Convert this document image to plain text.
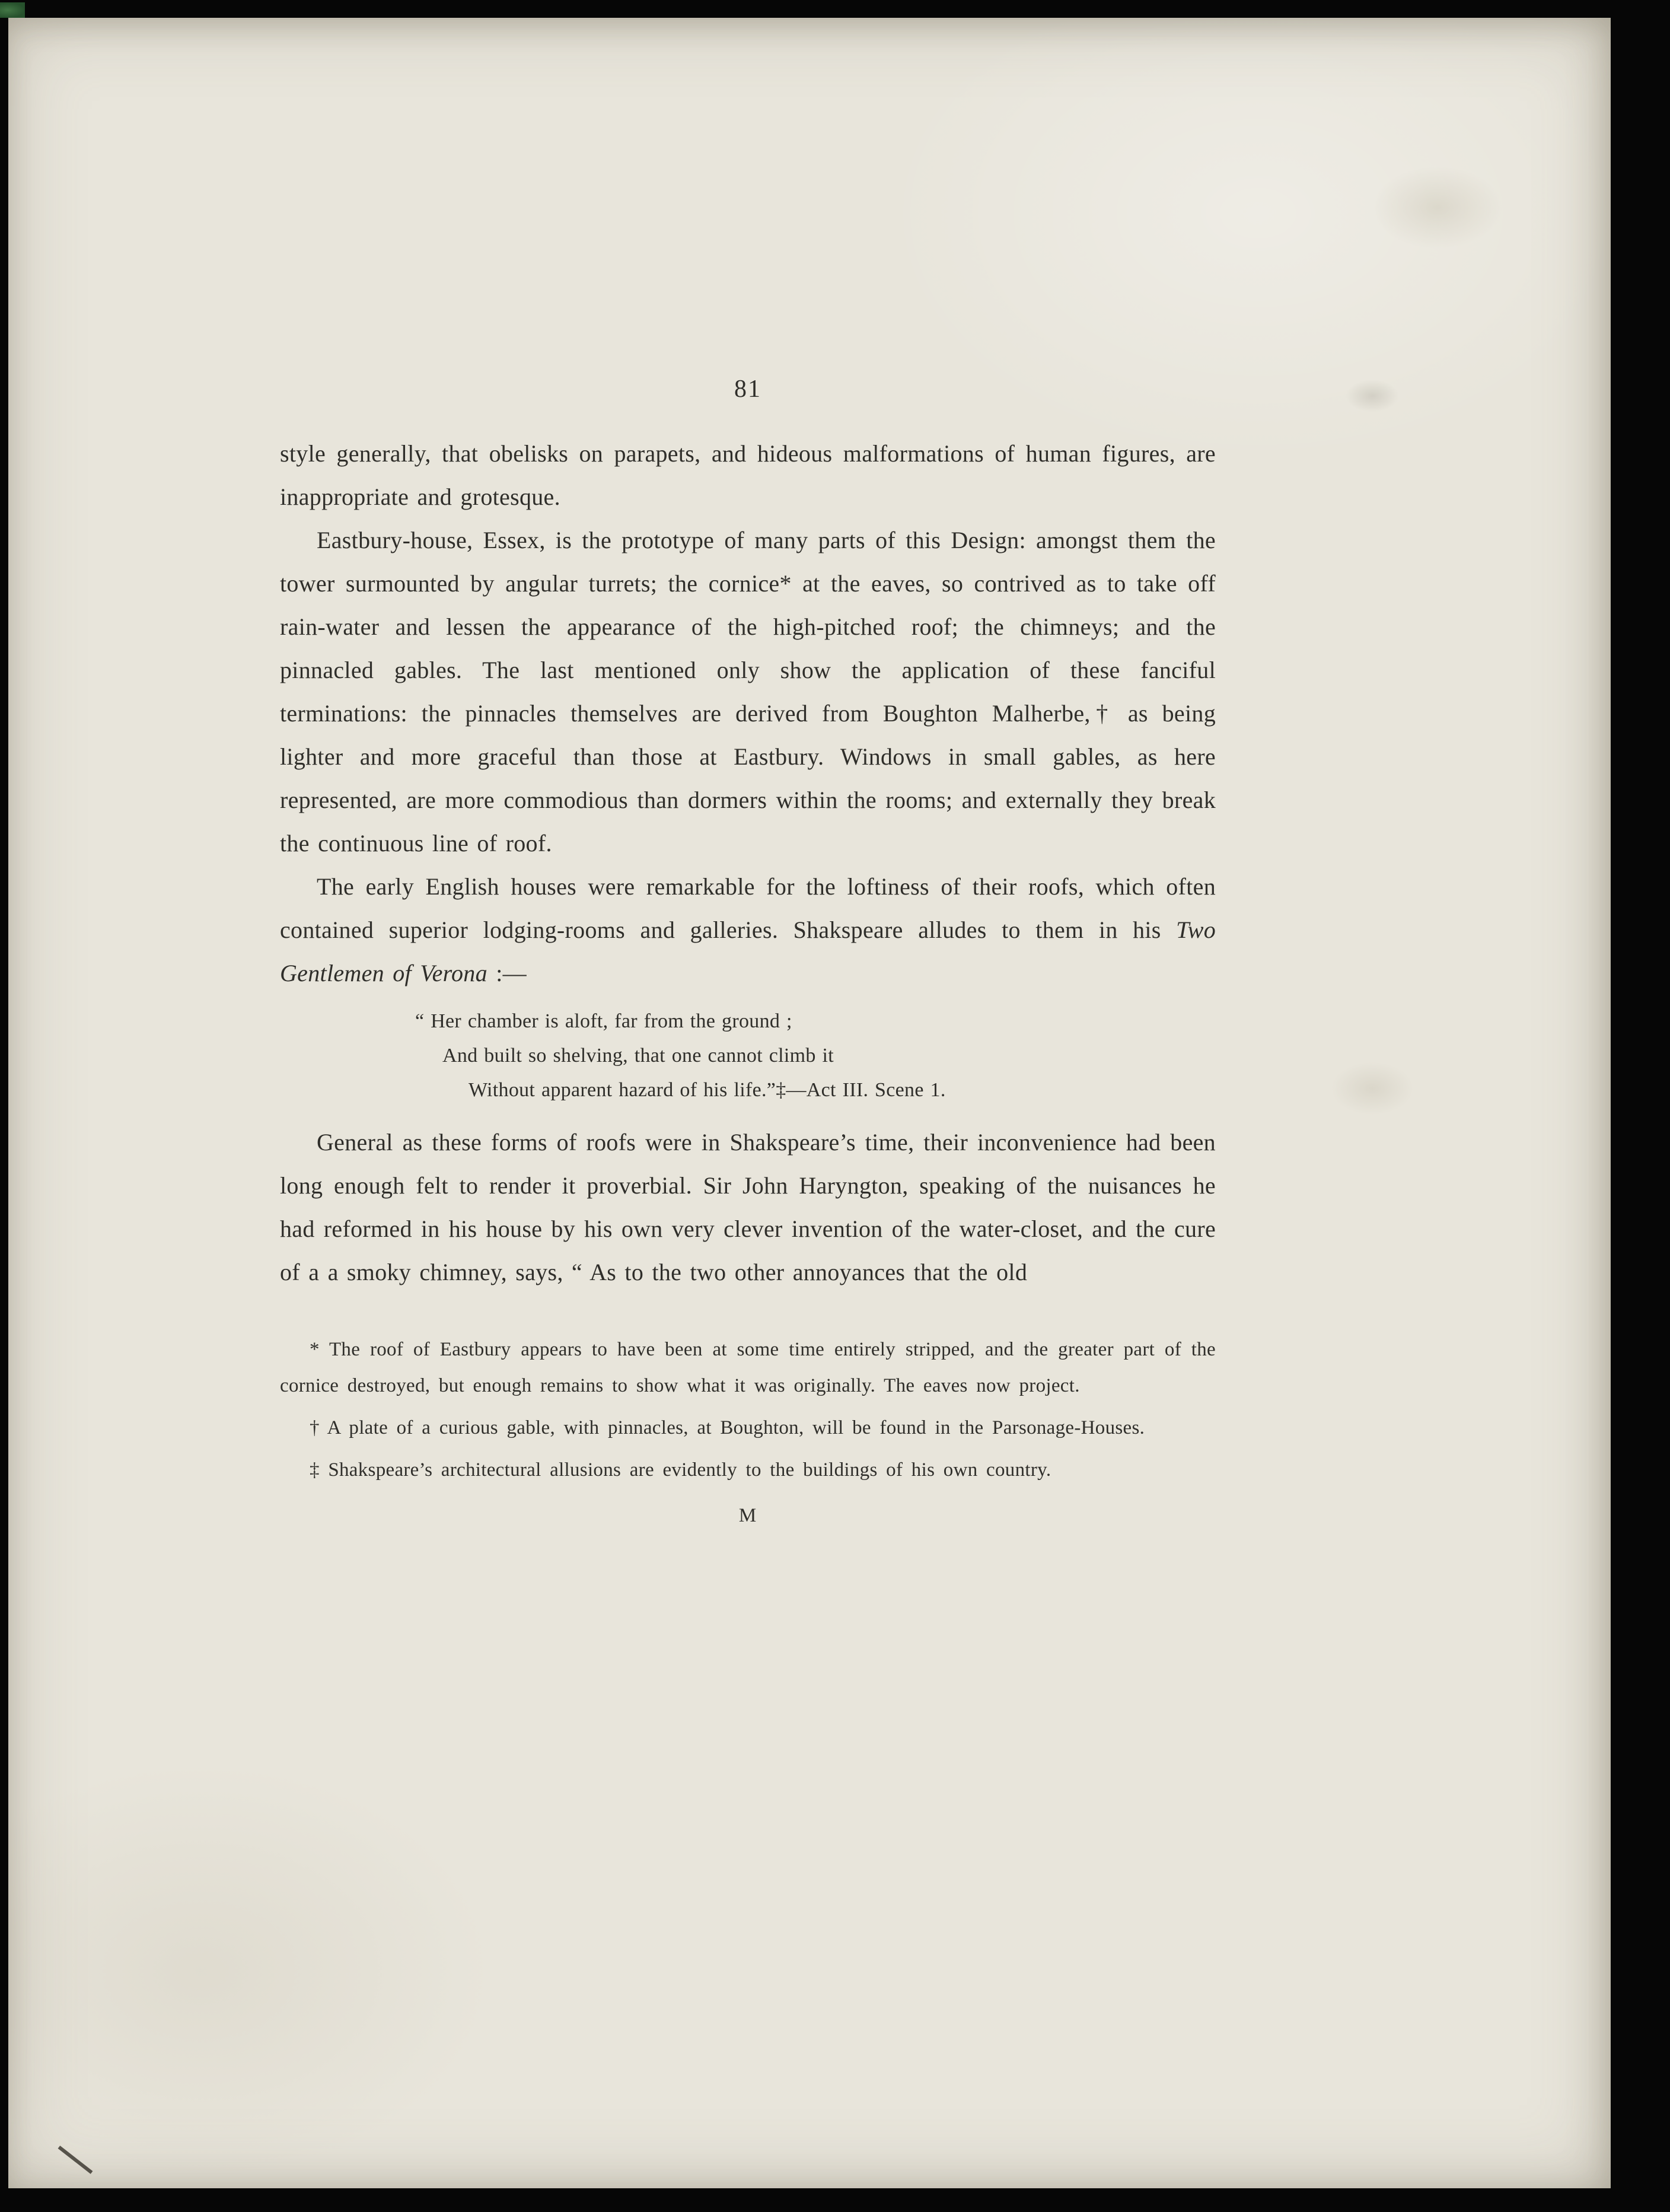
81

style generally, that obelisks on parapets, and hideous malformations of human figures, are inappropriate and grotesque.

Eastbury-house, Essex, is the prototype of many parts of this Design: amongst them the tower surmounted by angular turrets; the cornice* at the eaves, so contrived as to take off rain-water and lessen the appearance of the high-pitched roof; the chimneys; and the pinnacled gables. The last mentioned only show the application of these fanciful terminations: the pinnacles themselves are derived from Boughton Malherbe,† as being lighter and more graceful than those at Eastbury. Windows in small gables, as here represented, are more commodious than dormers within the rooms; and externally they break the continuous line of roof.

The early English houses were remarkable for the loftiness of their roofs, which often contained superior lodging-rooms and galleries. Shakspeare alludes to them in his Two Gentlemen of Verona :—

“ Her chamber is aloft, far from the ground ;
And built so shelving, that one cannot climb it
Without apparent hazard of his life.”‡—Act III. Scene 1.

General as these forms of roofs were in Shakspeare’s time, their inconvenience had been long enough felt to render it proverbial. Sir John Haryngton, speaking of the nuisances he had reformed in his house by his own very clever invention of the water-closet, and the cure of a a smoky chimney, says, “ As to the two other annoyances that the old

* The roof of Eastbury appears to have been at some time entirely stripped, and the greater part of the cornice destroyed, but enough remains to show what it was originally. The eaves now project.

† A plate of a curious gable, with pinnacles, at Boughton, will be found in the Parsonage-Houses.

‡ Shakspeare’s architectural allusions are evidently to the buildings of his own country.

M
